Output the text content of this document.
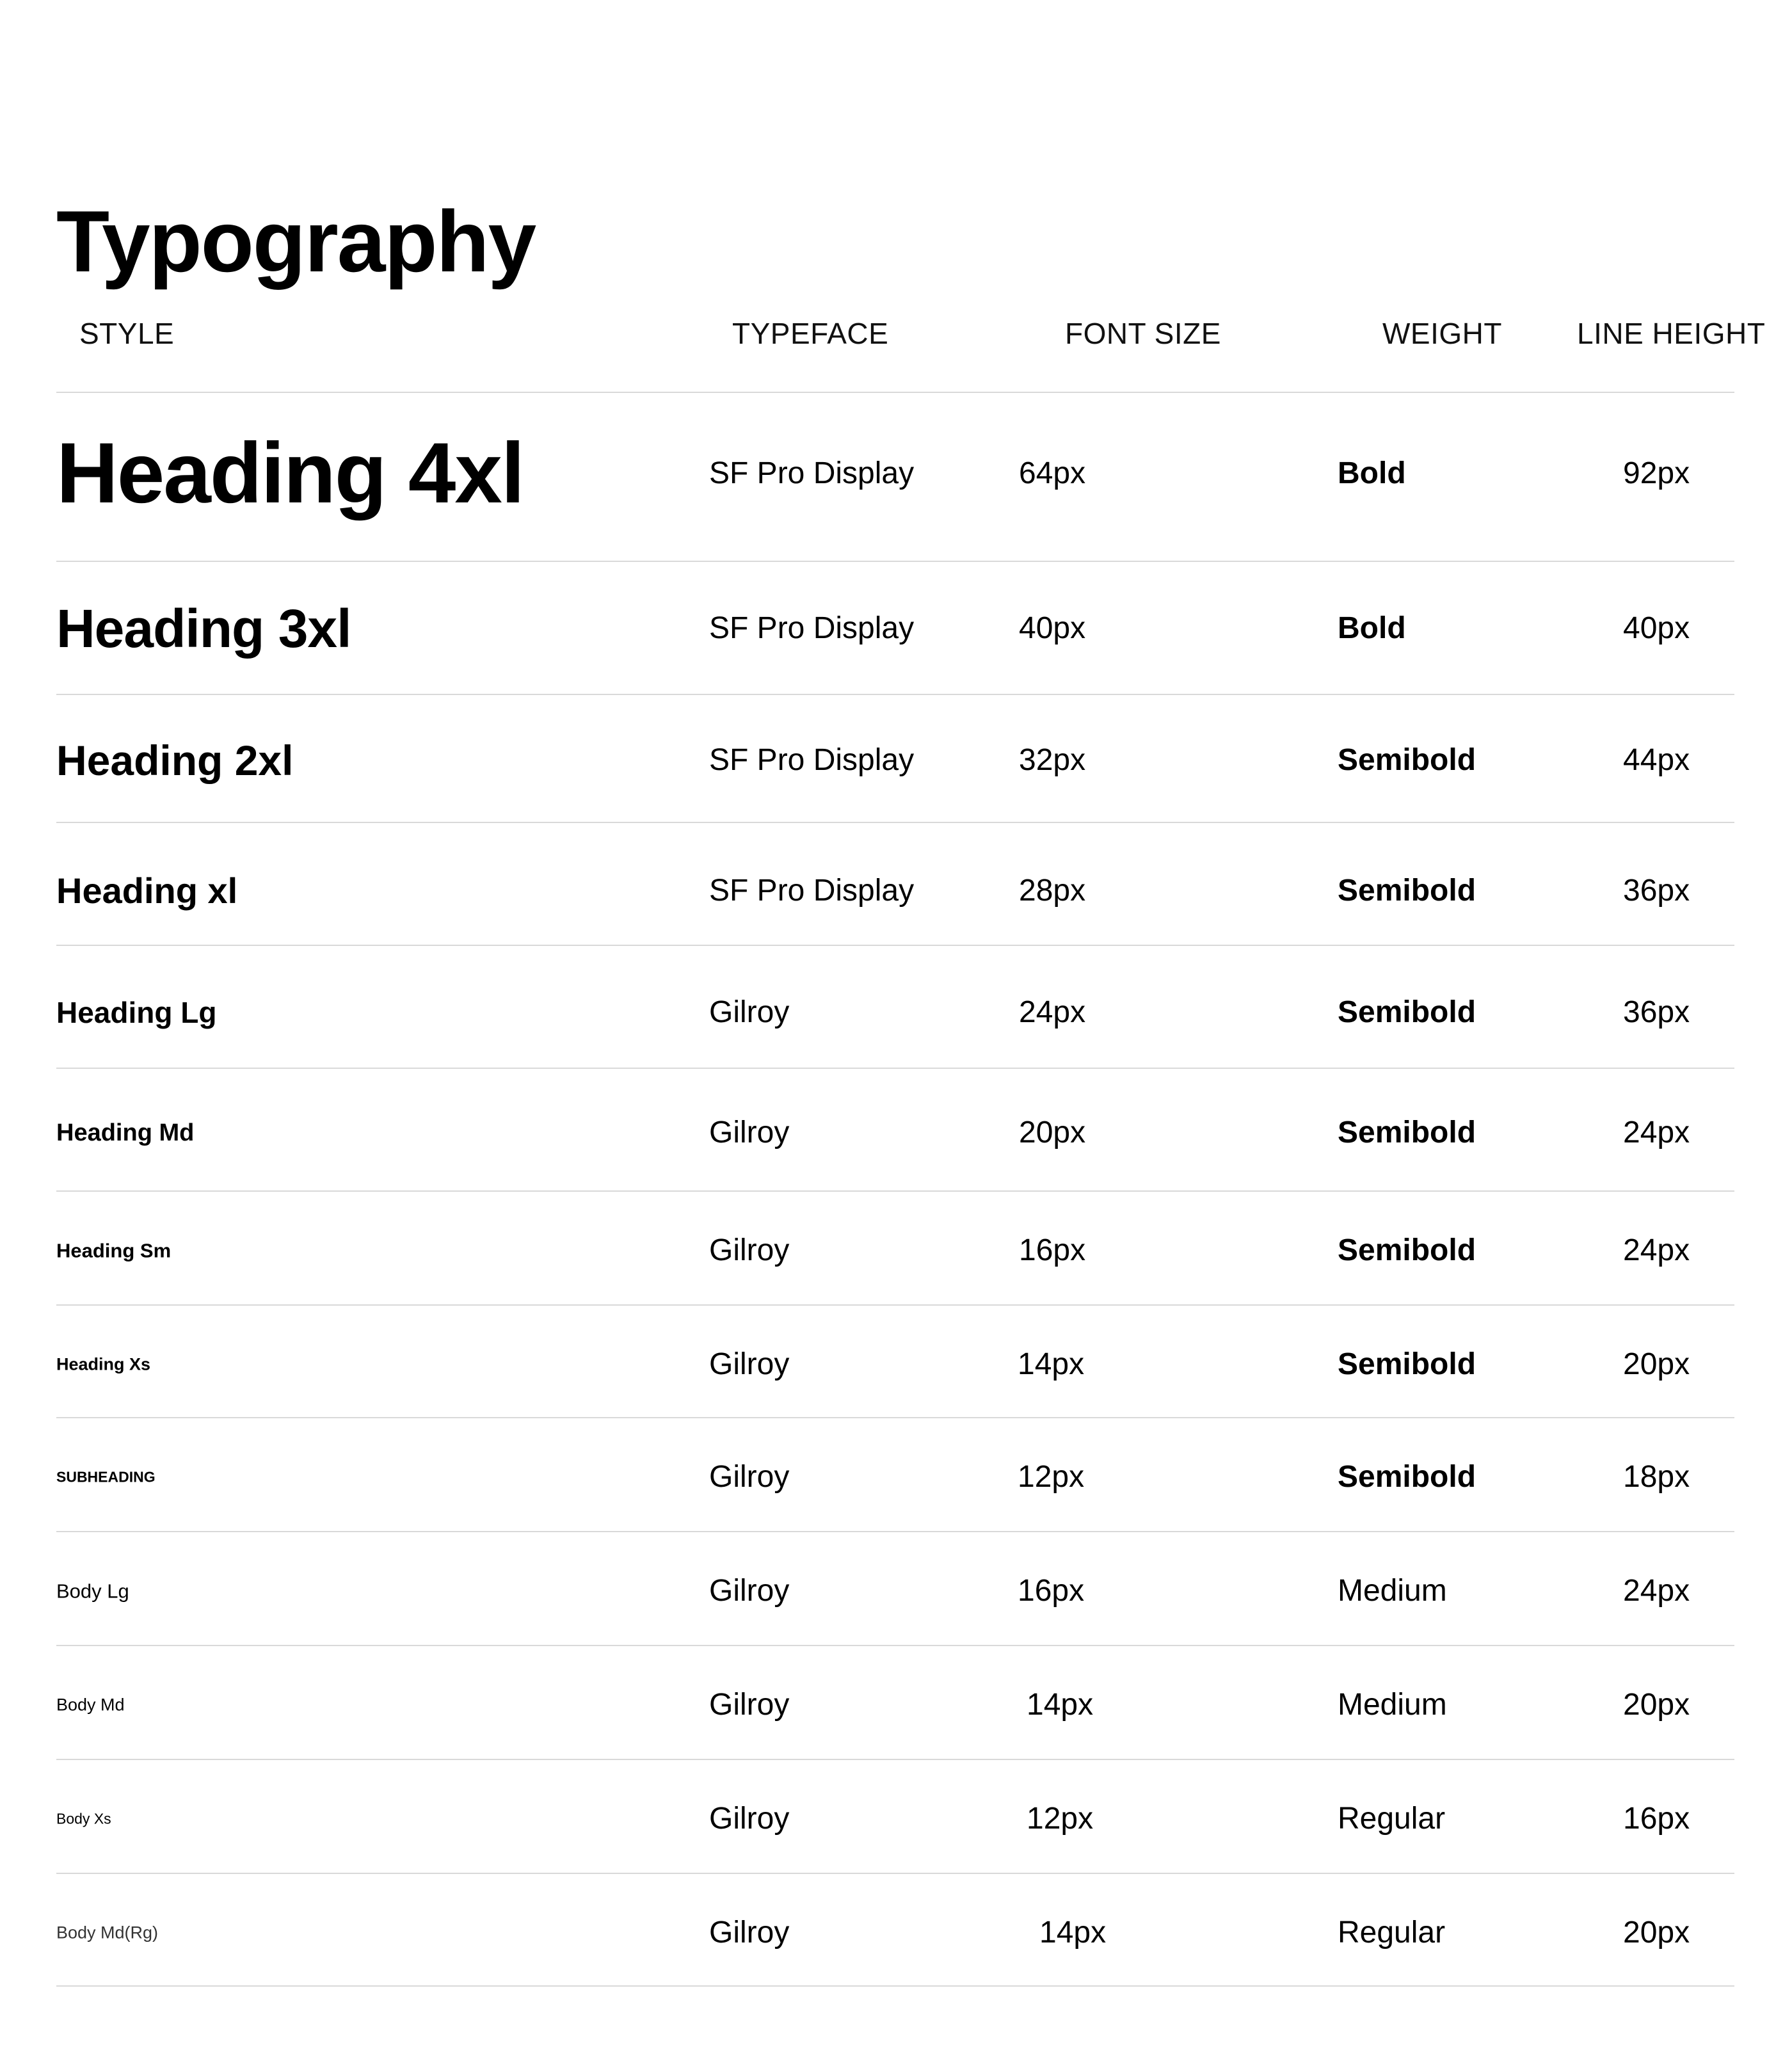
Typography
STYLE	TYPEFACE	FONT SIZE	WEIGHT	LINE HEIGHT
Heading 4xl	SF Pro Display	64px	Bold	92px
Heading 3xl	SF Pro Display	40px	Bold	40px
Heading 2xl	SF Pro Display	32px	Semibold	44px
Heading xl	SF Pro Display	28px	Semibold	36px
Heading Lg	Gilroy	24px	Semibold	36px
Heading Md	Gilroy	20px	Semibold	24px
Heading Sm	Gilroy	16px	Semibold	24px
Heading Xs	Gilroy	14px	Semibold	20px
SUBHEADING	Gilroy	12px	Semibold	18px
Body Lg	Gilroy	16px	Medium	24px
Body Md	Gilroy	14px	Medium	20px
Body Xs	Gilroy	12px	Regular	16px
Body Md(Rg)	Gilroy	14px	Regular	20px
